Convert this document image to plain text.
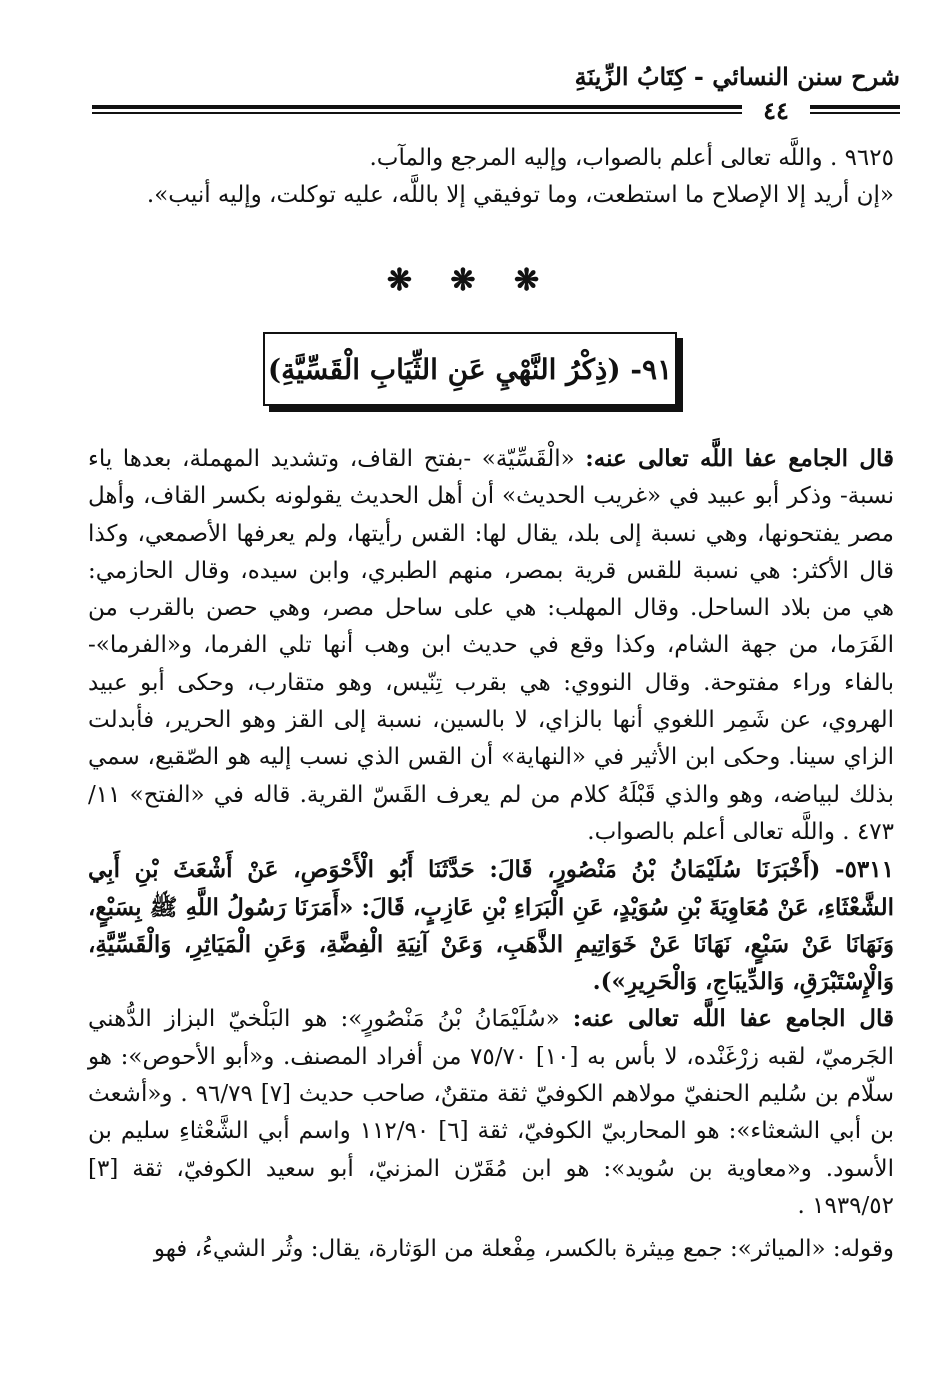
شرح سنن النسائي - كِتَابُ الزِّينَةِ
٤٤

٩٦٢٥ . واللَّه تعالى أعلم بالصواب، وإليه المرجع والمآب.

«إن أريد إلا الإصلاح ما استطعت، وما توفيقي إلا باللَّه، عليه توكلت، وإليه أنيب».

❋ ❋ ❋
٩١- (ذِكْرُ النَّهْيِ عَنِ الثِّيَابِ الْقَسِّيَّةِ)

قال الجامع عفا اللَّه تعالى عنه: «الْقَسِّيّة» -بفتح القاف، وتشديد المهملة، بعدها ياء نسبة- وذكر أبو عبيد في «غريب الحديث» أن أهل الحديث يقولونه بكسر القاف، وأهل مصر يفتحونها، وهي نسبة إلى بلد، يقال لها: القس رأيتها، ولم يعرفها الأصمعي، وكذا قال الأكثر: هي نسبة للقس قرية بمصر، منهم الطبري، وابن سيده، وقال الحازمي: هي من بلاد الساحل. وقال المهلب: هي على ساحل مصر، وهي حصن بالقرب من الفَرَما، من جهة الشام، وكذا وقع في حديث ابن وهب أنها تلي الفرما، و«الفرما»- بالفاء وراء مفتوحة. وقال النووي: هي بقرب تِنّيس، وهو متقارب، وحكى أبو عبيد الهروي، عن شَمِر اللغوي أنها بالزاي، لا بالسين، نسبة إلى القز وهو الحرير، فأبدلت الزاي سينا. وحكى ابن الأثير في «النهاية» أن القس الذي نسب إليه هو الصّقيع، سمي بذلك لبياضه، وهو والذي قَبْلَهُ كلام من لم يعرف القَسّ القرية. قاله في «الفتح» ١١/ ٤٧٣ . واللَّه تعالى أعلم بالصواب.

٥٣١١- (أَخْبَرَنَا سُلَيْمَانُ بْنُ مَنْصُورٍ، قَالَ: حَدَّثَنَا أَبُو الْأَحْوَصِ، عَنْ أَشْعَثَ بْنِ أَبِي الشَّعْثَاءِ، عَنْ مُعَاوِيَةَ بْنِ سُوَيْدٍ، عَنِ الْبَرَاءِ بْنِ عَازِبٍ، قَالَ: «أَمَرَنَا رَسُولُ اللَّهِ ﷺ بِسَبْعٍ، وَنَهَانَا عَنْ سَبْعٍ، نَهَانَا عَنْ خَوَاتِيمِ الذَّهَبِ، وَعَنْ آنِيَةِ الْفِضَّةِ، وَعَنِ الْمَيَاثِرِ، وَالْقَسِّيَّةِ، وَالْإِسْتَبْرَقِ، وَالدِّيبَاجِ، وَالْحَرِيرِ»).

قال الجامع عفا اللَّه تعالى عنه: «سُلَيْمَانُ بْنُ مَنْصُورٍ»: هو البَلْخيّ البزاز الدُّهني الجَرميّ، لقبه زرْغَنْده، لا بأس به [١٠] ٧٥/٧٠ من أفراد المصنف. و«أبو الأحوص»: هو سلّام بن سُليم الحنفيّ مولاهم الكوفيّ ثقة متقنٌ، صاحب حديث [٧] ٩٦/٧٩ . و«أشعث بن أبي الشعثاء»: هو المحاربيّ الكوفيّ، ثقة [٦] ١١٢/٩٠ واسم أبي الشَّعْثاءِ سليم بن الأسود. و«معاوية بن سُويد»: هو ابن مُقَرّن المزنيّ، أبو سعيد الكوفيّ، ثقة [٣] ١٩٣٩/٥٢ .

وقوله: «المياثر»: جمع مِيثرة بالكسر، مِفْعلة من الوَثارة، يقال: وثُر الشيءُ، فهو
